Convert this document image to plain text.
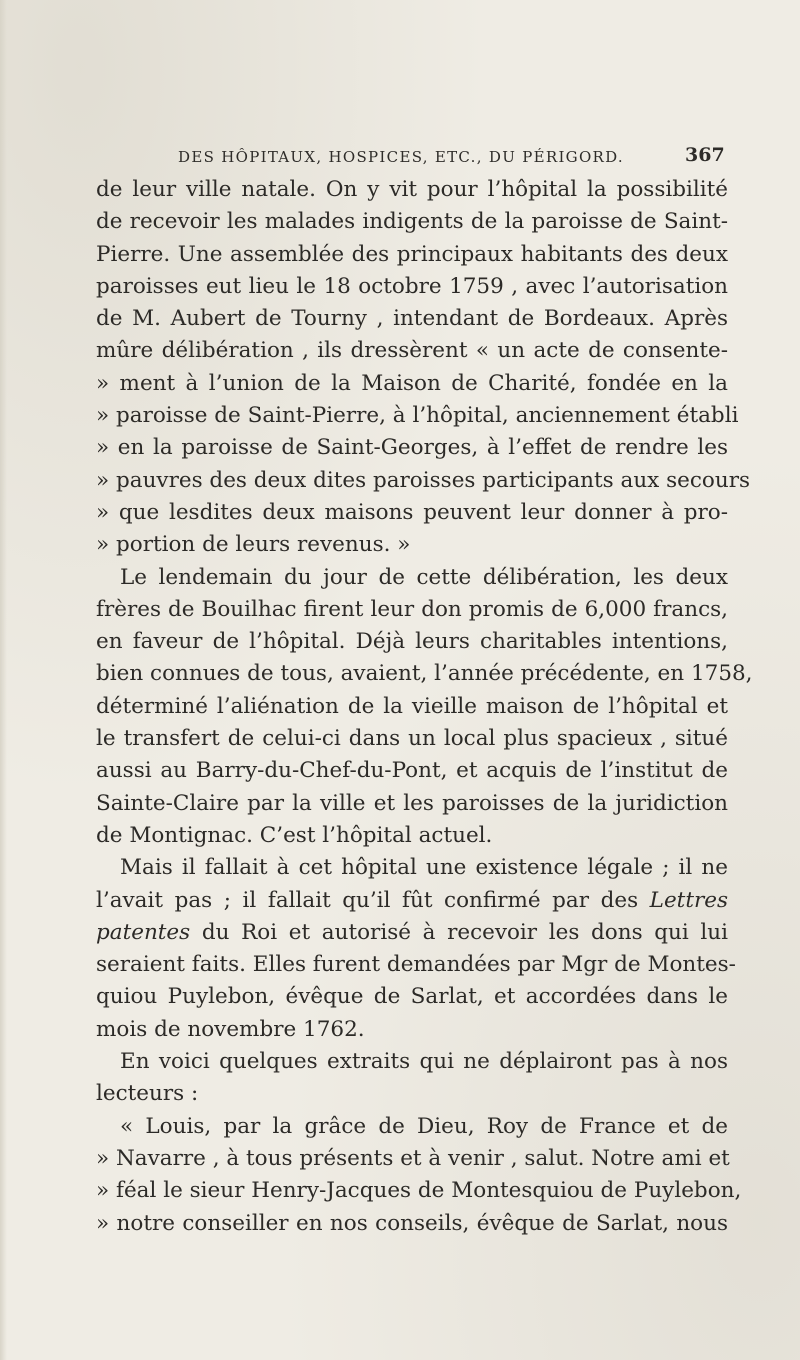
DES HÔPITAUX, HOSPICES, ETC., DU PÉRIGORD.	367
de leur ville natale. On y vit pour l’hôpital la possibilité
de recevoir les malades indigents de la paroisse de Saint-
Pierre. Une assemblée des principaux habitants des deux
paroisses eut lieu le 18 octobre 1759 , avec l’autorisation
de M. Aubert de Tourny , intendant de Bordeaux. Après
mûre délibération , ils dressèrent « un acte de consente-
» ment à l’union de la Maison de Charité, fondée en la
» paroisse de Saint-Pierre, à l’hôpital, anciennement établi
» en la paroisse de Saint-Georges, à l’effet de rendre les
» pauvres des deux dites paroisses participants aux secours
» que lesdites deux maisons peuvent leur donner à pro-
» portion de leurs revenus. »
Le lendemain du jour de cette délibération, les deux
frères de Bouilhac firent leur don promis de 6,000 francs,
en faveur de l’hôpital. Déjà leurs charitables intentions,
bien connues de tous, avaient, l’année précédente, en 1758,
déterminé l’aliénation de la vieille maison de l’hôpital et
le transfert de celui-ci dans un local plus spacieux , situé
aussi au Barry-du-Chef-du-Pont, et acquis de l’institut de
Sainte-Claire par la ville et les paroisses de la juridiction
de Montignac. C’est l’hôpital actuel.
Mais il fallait à cet hôpital une existence légale ; il ne
l’avait pas ; il fallait qu’il fût confirmé par des Lettres
patentes du Roi et autorisé à recevoir les dons qui lui
seraient faits. Elles furent demandées par Mgr de Montes-
quiou Puylebon, évêque de Sarlat, et accordées dans le
mois de novembre 1762.
En voici quelques extraits qui ne déplairont pas à nos
lecteurs :
« Louis, par la grâce de Dieu, Roy de France et de
» Navarre , à tous présents et à venir , salut. Notre ami et
» féal le sieur Henry-Jacques de Montesquiou de Puylebon,
» notre conseiller en nos conseils, évêque de Sarlat, nous
